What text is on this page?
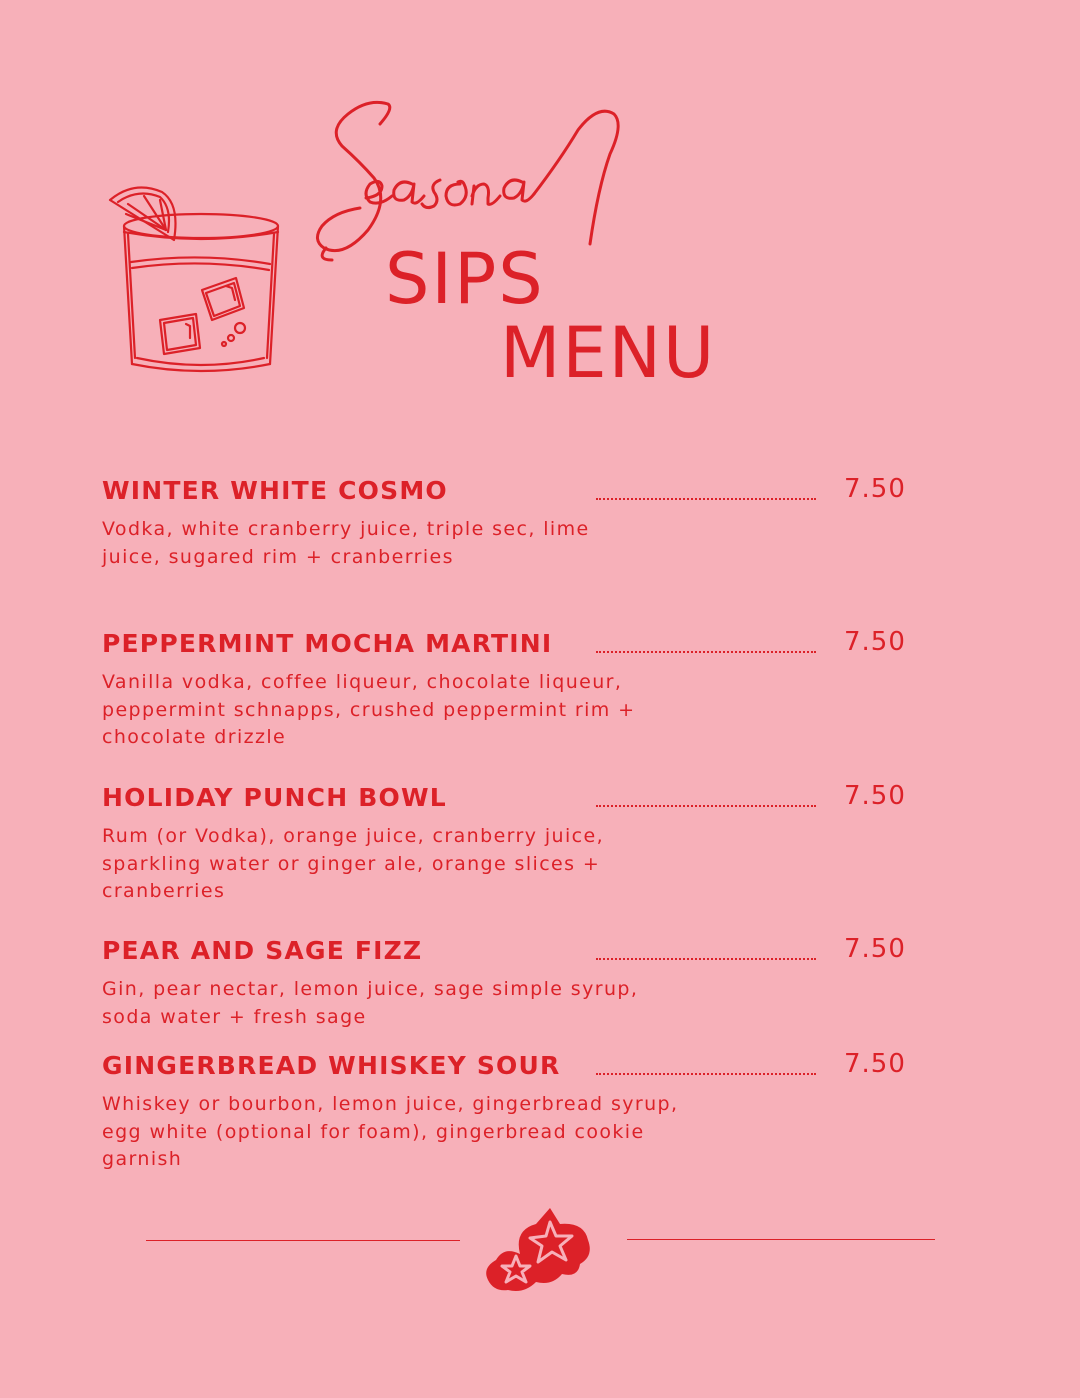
SIPS
MENU
WINTER WHITE COSMO	7.50
Vodka, white cranberry juice, triple sec, lime juice, sugared rim + cranberries
PEPPERMINT MOCHA MARTINI	7.50
Vanilla vodka, coffee liqueur, chocolate liqueur, peppermint schnapps, crushed peppermint rim + chocolate drizzle
HOLIDAY PUNCH BOWL	7.50
Rum (or Vodka), orange juice, cranberry juice, sparkling water or ginger ale, orange slices + cranberries
PEAR AND SAGE FIZZ	7.50
Gin, pear nectar, lemon juice, sage simple syrup, soda water + fresh sage
GINGERBREAD WHISKEY SOUR	7.50
Whiskey or bourbon, lemon juice, gingerbread syrup, egg white (optional for foam), gingerbread cookie garnish
